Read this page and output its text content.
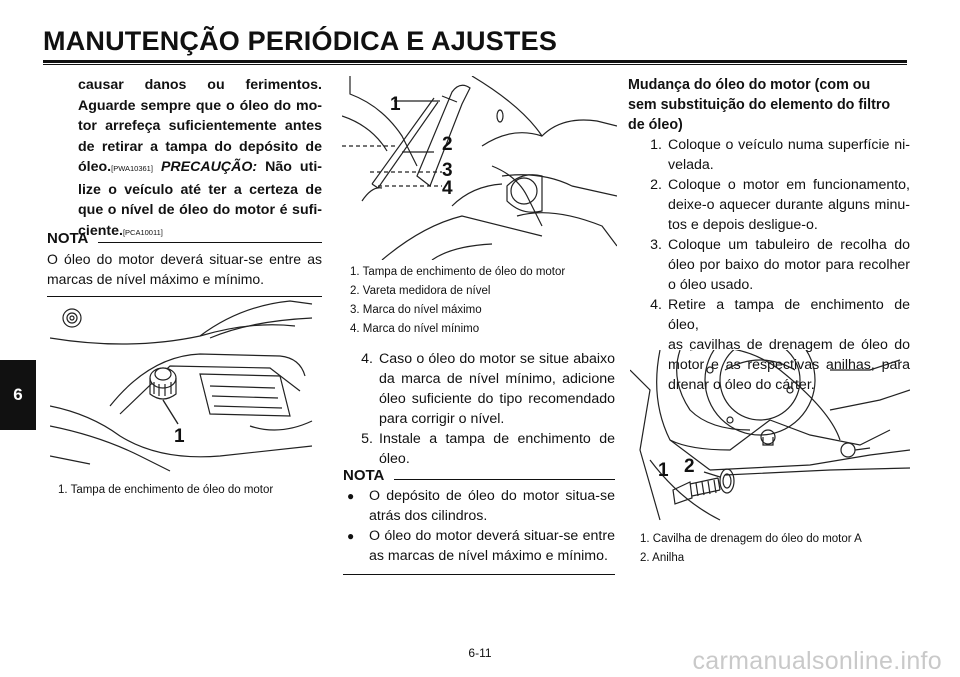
MANUTENÇÃO PERIÓDICA E AJUSTES
6
causar danos ou ferimentos.
Aguarde sempre que o óleo do mo-
tor arrefeça suficientemente antes
de retirar a tampa do depósito de
óleo.[PWA10361] PRECAUÇÃO: Não uti-
lize o veículo até ter a certeza de
que o nível de óleo do motor é sufi-
ciente.[PCA10011]
NOTA
O óleo do motor deverá situar-se entre as
marcas de nível máximo e mínimo.
1
1. Tampa de enchimento de óleo do motor
1
2
3
4
1. Tampa de enchimento de óleo do motor
2. Vareta medidora de nível
3. Marca do nível máximo
4. Marca do nível mínimo
4. Caso o óleo do motor se situe abaixo
da marca de nível mínimo, adicione
óleo suficiente do tipo recomendado
para corrigir o nível.
5. Instale a tampa de enchimento de
óleo.
NOTA
●	O depósito de óleo do motor situa-se
atrás dos cilindros.
●	O óleo do motor deverá situar-se entre
as marcas de nível máximo e mínimo.
Mudança do óleo do motor (com ou
sem substituição do elemento do filtro
de óleo)
1. Coloque o veículo numa superfície ni-
velada.
2. Coloque o motor em funcionamento,
deixe-o aquecer durante alguns minu-
tos e depois desligue-o.
3. Coloque um tabuleiro de recolha do
óleo por baixo do motor para recolher
o óleo usado.
4. Retire a tampa de enchimento de óleo,
as cavilhas de drenagem de óleo do
motor e as respectivas anilhas, para
drenar o óleo do cárter.
1 2
1. Cavilha de drenagem do óleo do motor A
2. Anilha
6-11	carmanualsonline.info
